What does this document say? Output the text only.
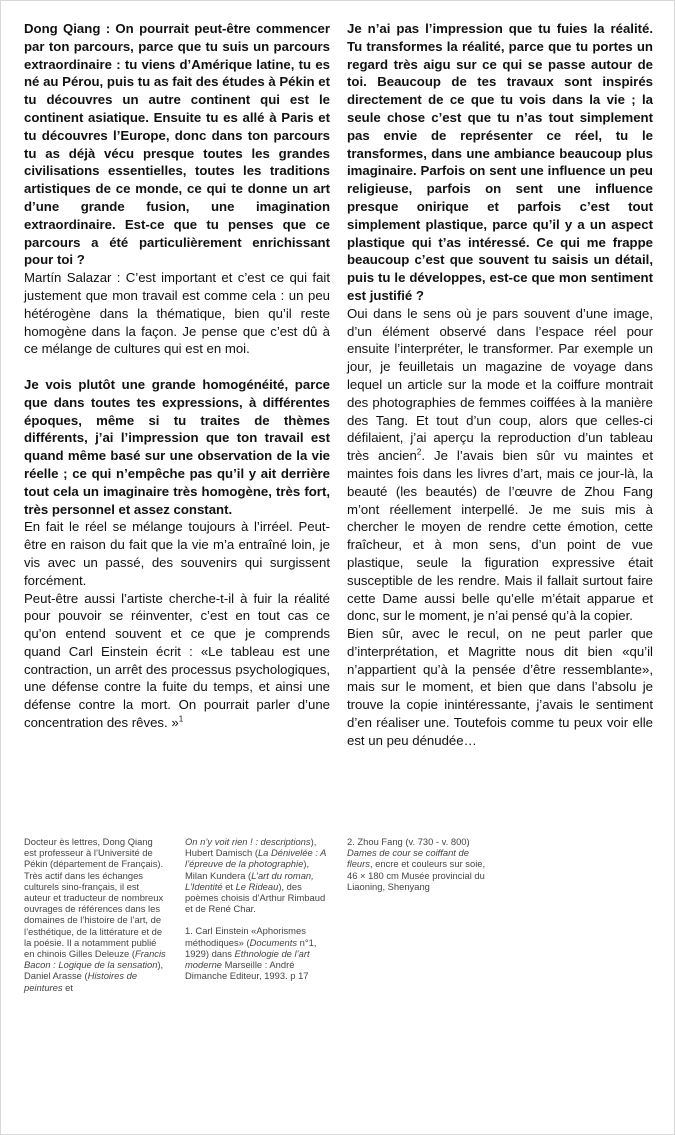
Dong Qiang : On pourrait peut-être commencer par ton parcours, parce que tu suis un parcours extraordinaire : tu viens d’Amérique latine, tu es né au Pérou, puis tu as fait des études à Pékin et tu découvres un autre continent qui est le continent asiatique. Ensuite tu es allé à Paris et tu découvres l’Europe, donc dans ton parcours tu as déjà vécu presque toutes les grandes civilisations essentielles, toutes les traditions artistiques de ce monde, ce qui te donne un art d’une grande fusion, une imagination extraordinaire. Est-ce que tu penses que ce parcours a été particulièrement enrichissant pour toi ?
Martín Salazar : C’est important et c’est ce qui fait justement que mon travail est comme cela : un peu hétérogène dans la thématique, bien qu’il reste homogène dans la façon. Je pense que c’est dû à ce mélange de cultures qui est en moi.

Je vois plutôt une grande homogénéité, parce que dans toutes tes expressions, à différentes époques, même si tu traites de thèmes différents, j’ai l’impression que ton travail est quand même basé sur une observation de la vie réelle ; ce qui n’empêche pas qu’il y ait derrière tout cela un imaginaire très homogène, très fort, très personnel et assez constant.
En fait le réel se mélange toujours à l’irréel. Peut-être en raison du fait que la vie m’a entraîné loin, je vis avec un passé, des souvenirs qui surgissent forcément.

Peut-être aussi l’artiste cherche-t-il à fuir la réalité pour pouvoir se réinventer, c’est en tout cas ce qu’on entend souvent et ce que je comprends quand Carl Einstein écrit : «Le tableau est une contraction, un arrêt des processus psychologiques, une défense contre la fuite du temps, et ainsi une défense contre la mort. On pourrait parler d’une concentration des rêves. »$^1$

Je n’ai pas l’impression que tu fuies la réalité. Tu transformes la réalité, parce que tu portes un regard très aigu sur ce qui se passe autour de toi. Beaucoup de tes travaux sont inspirés directement de ce que tu vois dans la vie ; la seule chose c’est que tu n’as tout simplement pas envie de représenter ce réel, tu le transformes, dans une ambiance beaucoup plus imaginaire. Parfois on sent une influence un peu religieuse, parfois on sent une influence presque onirique et parfois c’est tout simplement plastique, parce qu’il y a un aspect plastique qui t’as intéressé. Ce qui me frappe beaucoup c’est que souvent tu saisis un détail, puis tu le développes, est-ce que mon sentiment est justifié ?

Oui dans le sens où je pars souvent d’une image, d’un élément observé dans l’espace réel pour ensuite l’interpréter, le transformer. Par exemple un jour, je feuilletais un magazine de voyage dans lequel un article sur la mode et la coiffure montrait des photographies de femmes coiffées à la manière des Tang. Et tout d’un coup, alors que celles-ci défilaient, j’ai aperçu la reproduction d’un tableau très ancien$^2$. Je l’avais bien sûr vu maintes et maintes fois dans les livres d’art, mais ce jour-là, la beauté (les beautés) de l’œuvre de Zhou Fang m’ont réellement interpellé. Je me suis mis à chercher le moyen de rendre cette émotion, cette fraîcheur, et à mon sens, d’un point de vue plastique, seule la figuration expressive était susceptible de les rendre. Mais il fallait surtout faire cette Dame aussi belle qu’elle m’était apparue et donc, sur le moment, je n’ai pensé qu’à la copier.

Bien sûr, avec le recul, on ne peut parler que d’interprétation, et Magritte nous dit bien «qu’il n’appartient qu’à la pensée d’être ressemblante», mais sur le moment, et bien que dans l’absolu je trouve la copie inintéressante, j’avais le sentiment d’en réaliser une. Toutefois comme tu peux voir elle est un peu dénudée…

Docteur ès lettres, Dong Qiang est professeur à l’Université de Pékin (département de Français). Très actif dans les échanges culturels sino-français, il est auteur et traducteur de nombreux ouvrages de références dans les domaines de l’histoire de l’art, de l’esthétique, de la littérature et de la poésie. Il a notamment publié en chinois Gilles Deleuze (Francis Bacon : Logique de la sensation), Daniel Arasse (Histoires de peintures et

On n’y voit rien ! : descriptions), Hubert Damisch (La Dénivelée : A l’épreuve de la photographie), Milan Kundera (L’art du roman, L’Identité et Le Rideau), des poèmes choisis d’Arthur Rimbaud et de René Char.

1. Carl Einstein «Aphorismes méthodiques» (Documents n°1, 1929) dans Ethnologie de l’art moderne Marseille : André Dimanche Editeur, 1993. p 17

2. Zhou Fang (v. 730 - v. 800)
Dames de cour se coiffant de fleurs, encre et couleurs sur soie, 46 × 180 cm Musée provincial du Liaoning, Shenyang
